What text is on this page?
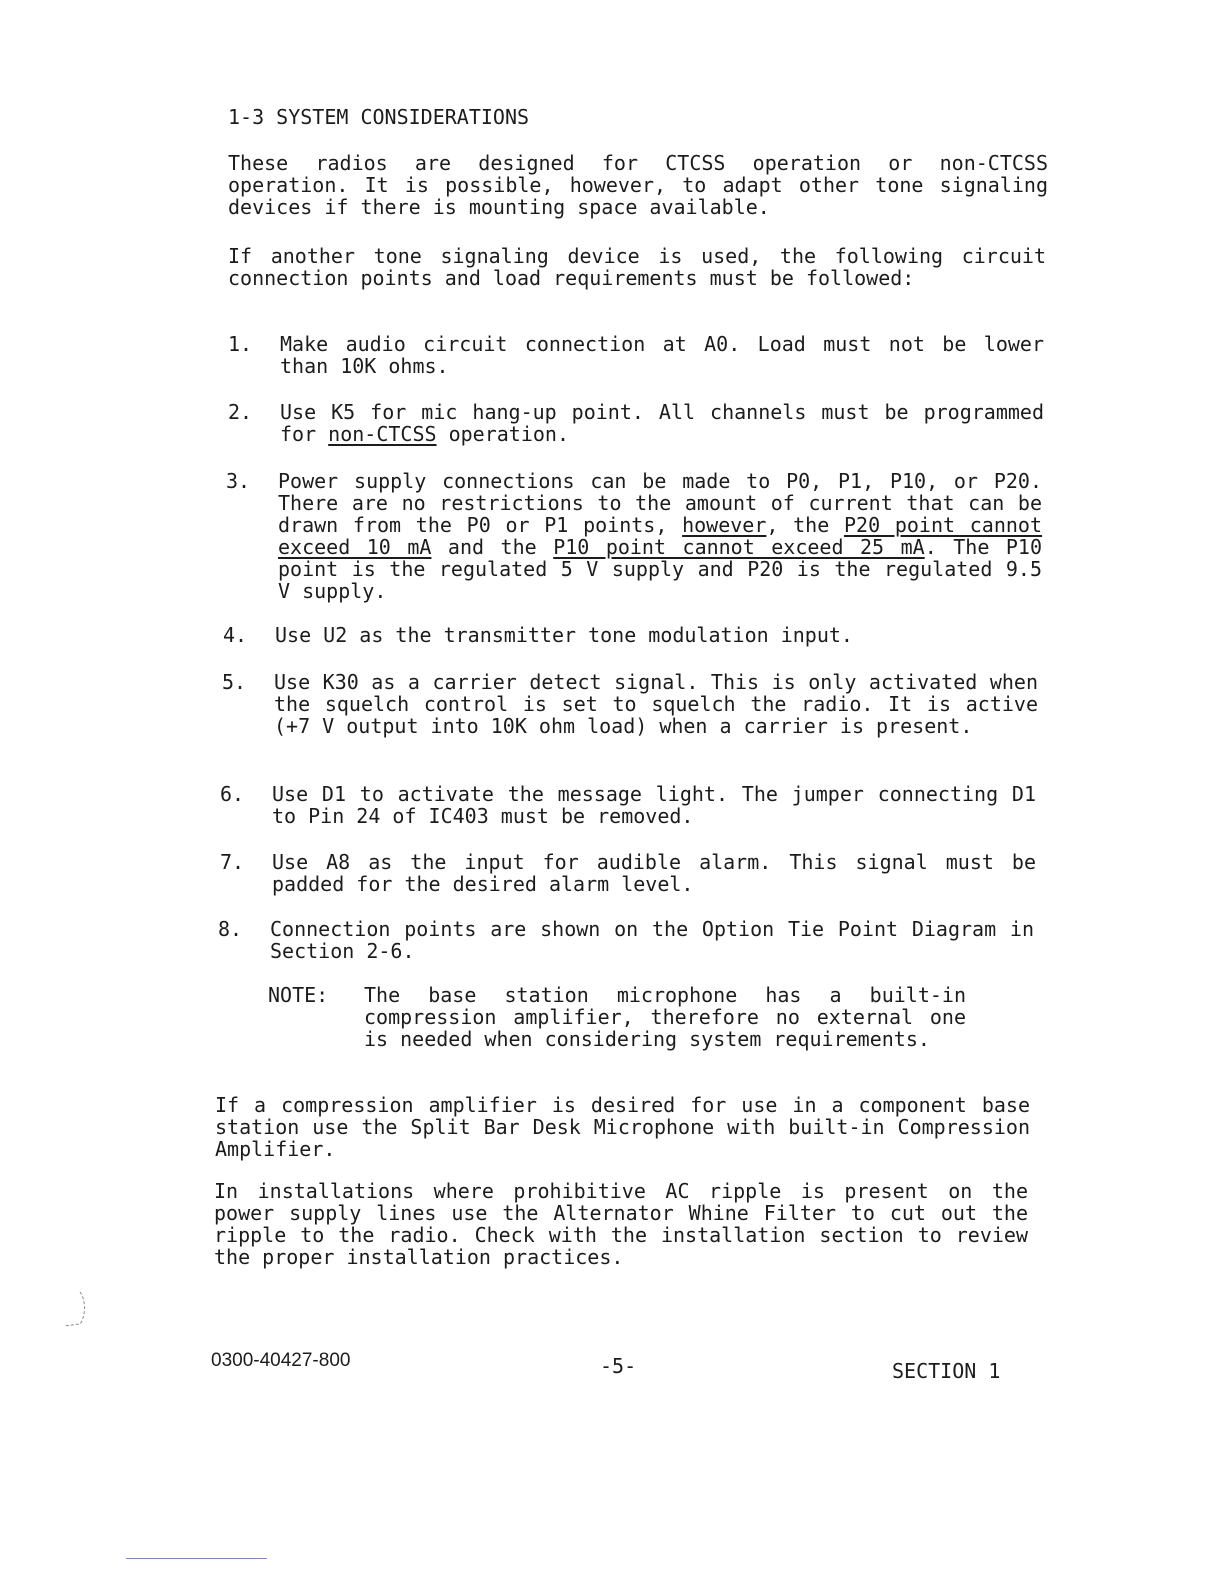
1-3 SYSTEM CONSIDERATIONS
These radios are designed for CTCSS operation or non-CTCSS operation. It is possible, however, to adapt other tone signaling devices if there is mounting space available.
If another tone signaling device is used, the following circuit connection points and load requirements must be followed:
1. Make audio circuit connection at A0. Load must not be lower than 10K ohms.
2. Use K5 for mic hang-up point. All channels must be programmed for non-CTCSS operation.
3. Power supply connections can be made to P0, P1, P10, or P20. There are no restrictions to the amount of current that can be drawn from the P0 or P1 points, however, the P20 point cannot exceed 10 mA and the P10 point cannot exceed 25 mA. The P10 point is the regulated 5 V supply and P20 is the regulated 9.5 V supply.
4. Use U2 as the transmitter tone modulation input.
5. Use K30 as a carrier detect signal. This is only activated when the squelch control is set to squelch the radio. It is active (+7 V output into 10K ohm load) when a carrier is present.
6. Use D1 to activate the message light. The jumper connecting D1 to Pin 24 of IC403 must be removed.
7. Use A8 as the input for audible alarm. This signal must be padded for the desired alarm level.
8. Connection points are shown on the Option Tie Point Diagram in Section 2-6.
NOTE: The base station microphone has a built-in compression amplifier, therefore no external one is needed when considering system requirements.
If a compression amplifier is desired for use in a component base station use the Split Bar Desk Microphone with built-in Compression Amplifier.
In installations where prohibitive AC ripple is present on the power supply lines use the Alternator Whine Filter to cut out the ripple to the radio. Check with the installation section to review the proper installation practices.
0300-40427-800	-5-	SECTION 1
